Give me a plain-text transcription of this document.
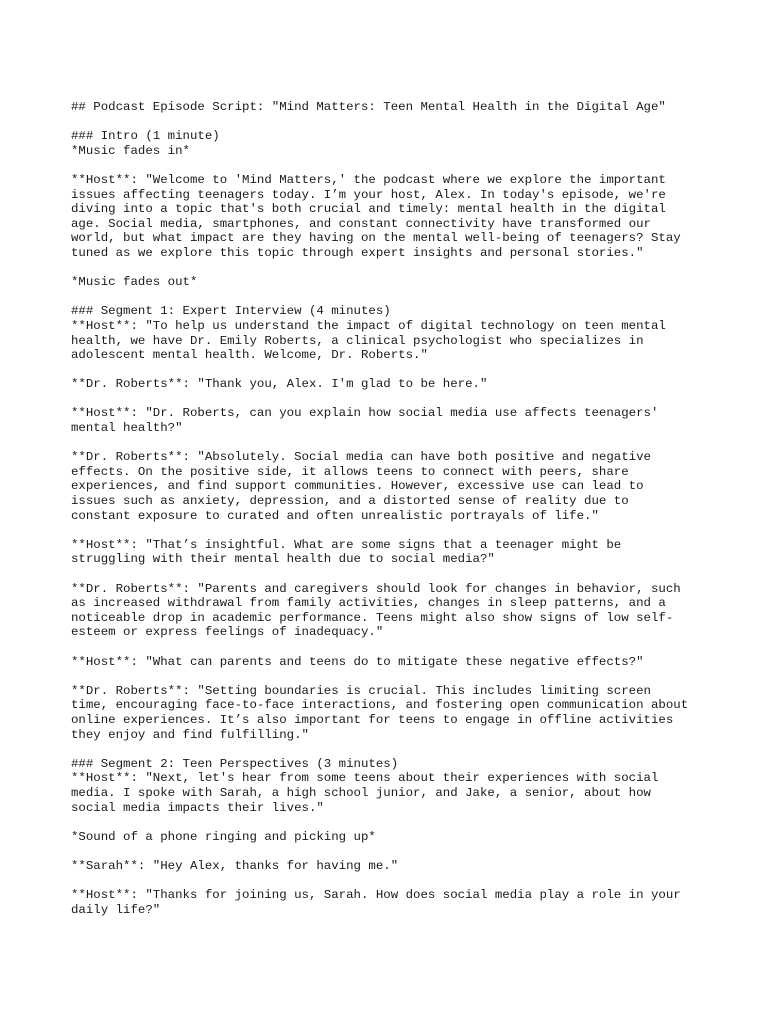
## Podcast Episode Script: "Mind Matters: Teen Mental Health in the Digital Age"
### Intro (1 minute)
*Music fades in*
**Host**: "Welcome to 'Mind Matters,' the podcast where we explore the important
issues affecting teenagers today. I’m your host, Alex. In today's episode, we're
diving into a topic that's both crucial and timely: mental health in the digital
age. Social media, smartphones, and constant connectivity have transformed our
world, but what impact are they having on the mental well-being of teenagers? Stay
tuned as we explore this topic through expert insights and personal stories."
*Music fades out*
### Segment 1: Expert Interview (4 minutes)
**Host**: "To help us understand the impact of digital technology on teen mental
health, we have Dr. Emily Roberts, a clinical psychologist who specializes in
adolescent mental health. Welcome, Dr. Roberts."
**Dr. Roberts**: "Thank you, Alex. I'm glad to be here."
**Host**: "Dr. Roberts, can you explain how social media use affects teenagers'
mental health?"
**Dr. Roberts**: "Absolutely. Social media can have both positive and negative
effects. On the positive side, it allows teens to connect with peers, share
experiences, and find support communities. However, excessive use can lead to
issues such as anxiety, depression, and a distorted sense of reality due to
constant exposure to curated and often unrealistic portrayals of life."
**Host**: "That’s insightful. What are some signs that a teenager might be
struggling with their mental health due to social media?"
**Dr. Roberts**: "Parents and caregivers should look for changes in behavior, such
as increased withdrawal from family activities, changes in sleep patterns, and a
noticeable drop in academic performance. Teens might also show signs of low self-
esteem or express feelings of inadequacy."
**Host**: "What can parents and teens do to mitigate these negative effects?"
**Dr. Roberts**: "Setting boundaries is crucial. This includes limiting screen
time, encouraging face-to-face interactions, and fostering open communication about
online experiences. It’s also important for teens to engage in offline activities
they enjoy and find fulfilling."
### Segment 2: Teen Perspectives (3 minutes)
**Host**: "Next, let's hear from some teens about their experiences with social
media. I spoke with Sarah, a high school junior, and Jake, a senior, about how
social media impacts their lives."
*Sound of a phone ringing and picking up*
**Sarah**: "Hey Alex, thanks for having me."
**Host**: "Thanks for joining us, Sarah. How does social media play a role in your
daily life?"
